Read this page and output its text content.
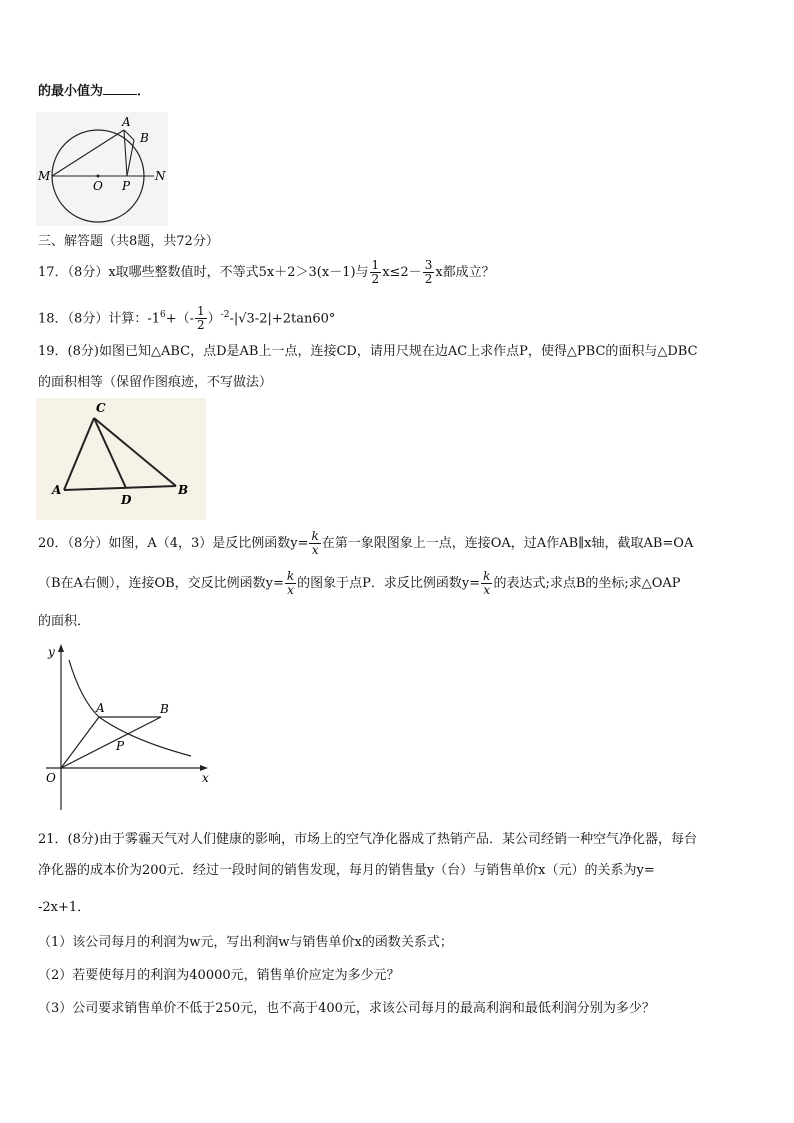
的最小值为	．
A
B
M
O P
N
三、解答题（共8题，共72分）
17．（8分）x取哪些整数值时，不等式5x＋2＞3(x－1)与 $\frac{1}{2} x\le 2- \frac{3}{2}$ x都成立？
18．（8分）计算：$-1^6+(- \frac{1}{2} )^{-2}-|√3-2|+2\tan 60^\circ$
19．(8分)如图已知△ABC，点D是AB上一点，连接CD，请用尺规在边AC上求作点P，使得△PBC的面积与△DBC
的面积相等（保留作图痕迹，不写做法）
C
A
D
B
20．（8分）如图，A（4，3）是反比例函数$y= \frac{k}{x}$ 在第一象限图象上一点，连接OA，过A作AB∥x轴，截取AB=OA
（B在A右侧），连接OB，交反比例函数$y= \frac{k}{x}$ 的图象于点P．求反比例函数$y= \frac{k}{x}$ 的表达式;求点B的坐标;求△OAP
的面积．
y
x
O
A	B
P
21．(8分)由于雾霾天气对人们健康的影响，市场上的空气净化器成了热销产品．某公司经销一种空气净化器，每台
净化器的成本价为200元．经过一段时间的销售发现，每月的销售量y（台）与销售单价x（元）的关系为y=
-2x+1．
（1）该公司每月的利润为w元，写出利润w与销售单价x的函数关系式；
（2）若要使每月的利润为40000元，销售单价应定为多少元？
（3）公司要求销售单价不低于250元，也不高于400元，求该公司每月的最高利润和最低利润分别为多少？
